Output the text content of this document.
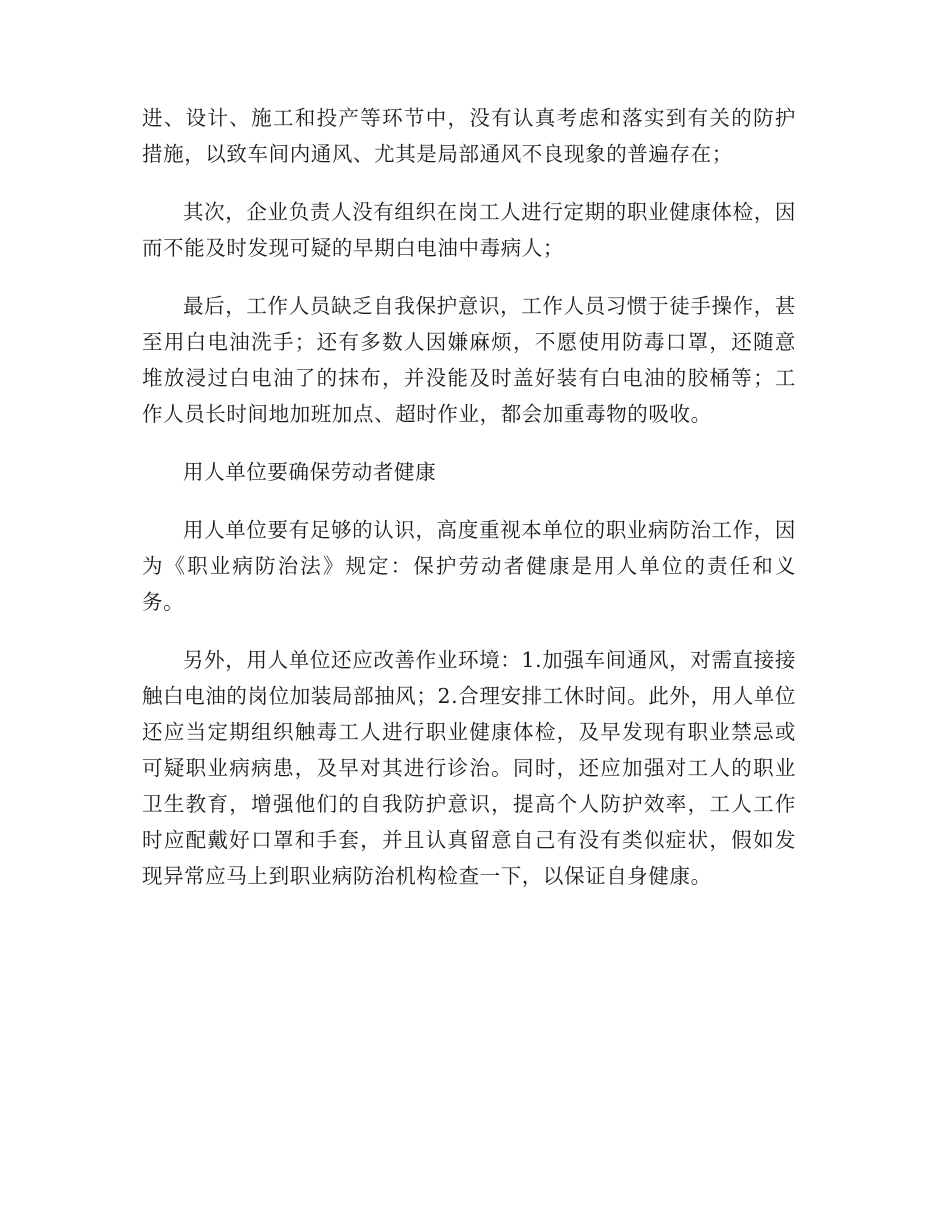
进、设计、施工和投产等环节中，没有认真考虑和落实到有关的防护措施，以致车间内通风、尤其是局部通风不良现象的普遍存在；

其次，企业负责人没有组织在岗工人进行定期的职业健康体检，因而不能及时发现可疑的早期白电油中毒病人；

最后，工作人员缺乏自我保护意识，工作人员习惯于徒手操作，甚至用白电油洗手；还有多数人因嫌麻烦，不愿使用防毒口罩，还随意堆放浸过白电油了的抹布，并没能及时盖好装有白电油的胶桶等；工作人员长时间地加班加点、超时作业，都会加重毒物的吸收。

用人单位要确保劳动者健康

用人单位要有足够的认识，高度重视本单位的职业病防治工作，因为《职业病防治法》规定：保护劳动者健康是用人单位的责任和义务。

另外，用人单位还应改善作业环境：1.加强车间通风，对需直接接触白电油的岗位加装局部抽风；2.合理安排工休时间。此外，用人单位还应当定期组织触毒工人进行职业健康体检，及早发现有职业禁忌或可疑职业病病患，及早对其进行诊治。同时，还应加强对工人的职业卫生教育，增强他们的自我防护意识，提高个人防护效率，工人工作时应配戴好口罩和手套，并且认真留意自己有没有类似症状，假如发现异常应马上到职业病防治机构检查一下，以保证自身健康。
